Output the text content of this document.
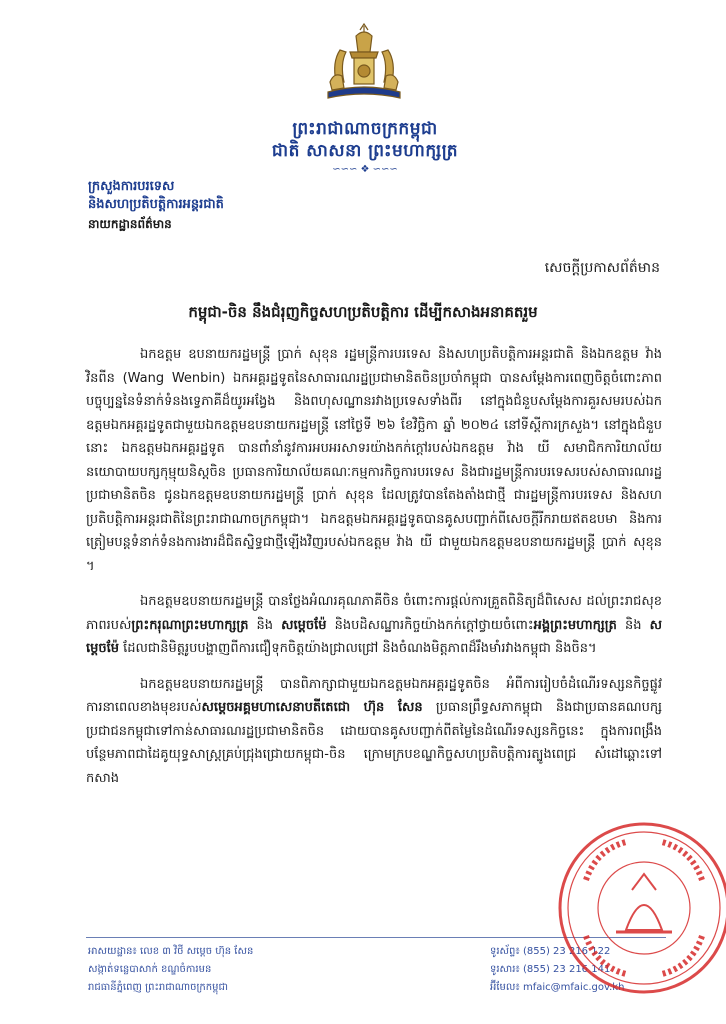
ព្រះរាជាណាចក្រកម្ពុជា
ជាតិ សាសនា ព្រះមហាក្សត្រ
∽∽∽ ❖ ∽∽∽
ក្រសួងការបរទេស
និងសហប្រតិបត្តិការអន្តរជាតិ
នាយកដ្ឋានព័ត៌មាន
សេចក្តីប្រកាសព័ត៌មាន
កម្ពុជា-ចិន នឹងជំរុញកិច្ចសហប្រតិបត្តិការ ដើម្បីកសាងអនាគតរួម

ឯកឧត្តម ឧបនាយករដ្ឋមន្ត្រី ប្រាក់ សុខុន រដ្ឋមន្ត្រីការបរទេស និងសហប្រតិបត្តិការអន្តរជាតិ និងឯកឧត្តម វ៉ាង វិនពីន (Wang Wenbin) ឯកអគ្គរដ្ឋទូតនៃសាធារណរដ្ឋប្រជាមានិតចិនប្រចាំកម្ពុជា បានសម្តែងការពេញចិត្តចំពោះភាពបច្ចុប្បន្ននៃទំនាក់ទំនងទ្វេភាគីដ៏យូរអង្វែង និងពហុសណ្ឋានរវាងប្រទេសទាំងពីរ នៅក្នុងជំនួបសម្តែងការគួរសមរបស់ឯកឧត្តមឯកអគ្គរដ្ឋទូតជាមួយឯកឧត្តមឧបនាយករដ្ឋមន្ត្រី នៅថ្ងៃទី ២៦ ខែវិច្ឆិកា ឆ្នាំ ២០២៤ នៅទីស្តីការក្រសួង។ នៅក្នុងជំនួបនោះ ឯកឧត្តមឯកអគ្គរដ្ឋទូត បានពាំនាំនូវការអបអរសាទរយ៉ាងកក់ក្តៅរបស់ឯកឧត្តម វ៉ាង យី សមាជិកការិយាល័យនយោបាយបក្សកុម្មុយនិស្តចិន ប្រធានការិយាល័យគណៈកម្មការកិច្ចការបរទេស និងជារដ្ឋមន្ត្រីការបរទេសរបស់សាធារណរដ្ឋប្រជាមានិតចិន ជូនឯកឧត្តមឧបនាយករដ្ឋមន្ត្រី ប្រាក់ សុខុន ដែលត្រូវបានតែងតាំងជាថ្មី ជារដ្ឋមន្ត្រីការបរទេស និងសហប្រតិបត្តិការអន្តរជាតិនៃព្រះរាជាណាចក្រកម្ពុជា។ ឯកឧត្តមឯកអគ្គរដ្ឋទូតបានគូសបញ្ជាក់ពីសេចក្តីរីករាយឥតឧបមា និងការត្រៀមបន្តទំនាក់ទំនងការងារដ៏ជិតស្និទ្ធជាថ្មីឡើងវិញរបស់ឯកឧត្តម វ៉ាង យី ជាមួយឯកឧត្តមឧបនាយករដ្ឋមន្ត្រី ប្រាក់ សុខុន ។

ឯកឧត្តមឧបនាយករដ្ឋមន្ត្រី បានថ្លែងអំណរគុណភាគីចិន ចំពោះការផ្តល់ការគ្រួតពិនិត្យដ៏ពិសេស ដល់ព្រះរាជសុខភាពរបស់ព្រះករុណាព្រះមហាក្សត្រ និង សម្តេចម៉ែ និងបដិសណ្ឋារកិច្ចយ៉ាងកក់ក្តៅថ្វាយចំពោះអង្គព្រះមហាក្សត្រ និង សម្តេចម៉ែ ដែលជានិមិត្តរូបបង្ហាញពីការជឿទុកចិត្តយ៉ាងជ្រាលជ្រៅ និងចំណងមិត្តភាពដ៏រឹងមាំរវាងកម្ពុជា និងចិន។

ឯកឧត្តមឧបនាយករដ្ឋមន្ត្រី បានពិភាក្សាជាមួយឯកឧត្តមឯកអគ្គរដ្ឋទូតចិន អំពីការរៀបចំដំណើរទស្សនកិច្ចផ្លូវការនាពេលខាងមុខរបស់សម្តេចអគ្គមហាសេនាបតីតេជោ ហ៊ុន សែន ប្រធានព្រឹទ្ធសភាកម្ពុជា និងជាប្រធានគណបក្សប្រជាជនកម្ពុជាទៅកាន់សាធារណរដ្ឋប្រជាមានិតចិន ដោយបានគូសបញ្ជាក់ពីតម្លៃនៃដំណើរទស្សនកិច្ចនេះ ក្នុងការពង្រឹងបន្ថែមភាពជាដៃគូយុទ្ធសាស្ត្រគ្រប់ជ្រុងជ្រោយកម្ពុជា-ចិន ក្រោមក្របខណ្ឌកិច្ចសហប្រតិបត្តិការត្បូងពេជ្រ សំដៅឆ្ពោះទៅកសាង

អាសយដ្ឋាន៖ លេខ ៣ វិថី សម្តេច ហ៊ុន សែន
សង្កាត់ទន្លេបាសាក់ ខណ្ឌចំការមន
រាជធានីភ្នំពេញ ព្រះរាជាណាចក្រកម្ពុជា
ទូរស័ព្ទ៖ (855) 23 216 122
ទូរសារ៖ (855) 23 216 141
អ៊ីមែល៖ mfaic@mfaic.gov.kh
